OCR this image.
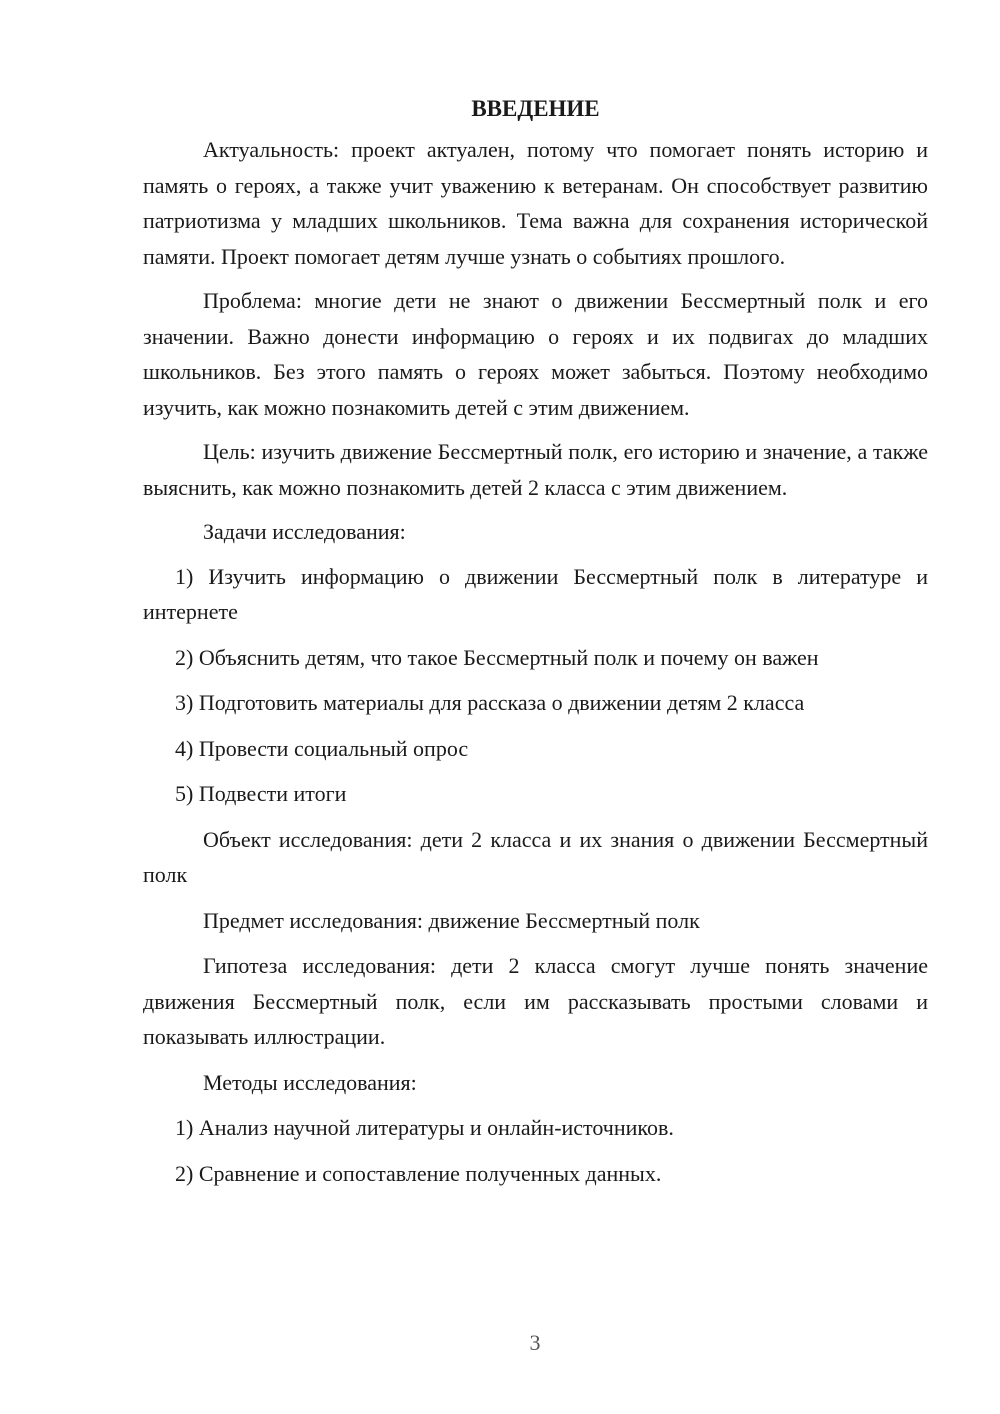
ВВЕДЕНИЕ

Актуальность: проект актуален, потому что помогает понять историю и память о героях, а также учит уважению к ветеранам. Он способствует развитию патриотизма у младших школьников. Тема важна для сохранения исторической памяти. Проект помогает детям лучше узнать о событиях прошлого.

Проблема: многие дети не знают о движении Бессмертный полк и его значении. Важно донести информацию о героях и их подвигах до младших школьников. Без этого память о героях может забыться. Поэтому необходимо изучить, как можно познакомить детей с этим движением.

Цель: изучить движение Бессмертный полк, его историю и значение, а также выяснить, как можно познакомить детей 2 класса с этим движением.

Задачи исследования:

1) Изучить информацию о движении Бессмертный полк в литературе и интернете

2) Объяснить детям, что такое Бессмертный полк и почему он важен

3) Подготовить материалы для рассказа о движении детям 2 класса

4) Провести социальный опрос

5) Подвести итоги

Объект исследования: дети 2 класса и их знания о движении Бессмертный полк

Предмет исследования: движение Бессмертный полк

Гипотеза исследования: дети 2 класса смогут лучше понять значение движения Бессмертный полк, если им рассказывать простыми словами и показывать иллюстрации.

Методы исследования:

1) Анализ научной литературы и онлайн-источников.

2) Сравнение и сопоставление полученных данных.

3
